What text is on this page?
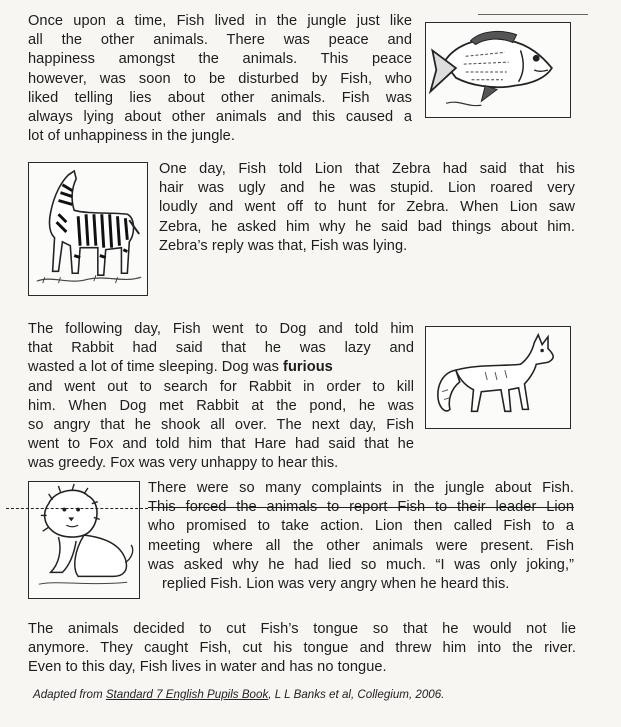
Once upon a time, Fish lived in the jungle just like
all the other animals. There was peace and
happiness amongst the animals. This peace
however, was soon to be disturbed by Fish, who
liked telling lies about other animals. Fish was
always lying about other animals and this caused a
lot of unhappiness in the jungle.
One day, Fish told Lion that Zebra had said that his
hair was ugly and he was stupid. Lion roared very
loudly and went off to hunt for Zebra. When Lion saw
Zebra, he asked him why he said bad things about him.
Zebra’s reply was that, Fish was lying.
The following day, Fish went to Dog and told him
that Rabbit had said that he was lazy and
wasted a lot of time sleeping. Dog was furious
and went out to search for Rabbit in order to kill
him. When Dog met Rabbit at the pond, he was
so angry that he shook all over. The next day, Fish
went to Fox and told him that Hare had said that he
was greedy. Fox was very unhappy to hear this.
There were so many complaints in the jungle about Fish.
This forced the animals to report Fish to their leader Lion
who promised to take action. Lion then called Fish to a
meeting where all the other animals were present. Fish
was asked why he had lied so much. “I was only joking,”
replied Fish. Lion was very angry when he heard this.
The animals decided to cut Fish’s tongue so that he would not lie
anymore. They caught Fish, cut his tongue and threw him into the river.
Even to this day, Fish lives in water and has no tongue.
Adapted from Standard 7 English Pupils Book, L L Banks et al, Collegium, 2006.
